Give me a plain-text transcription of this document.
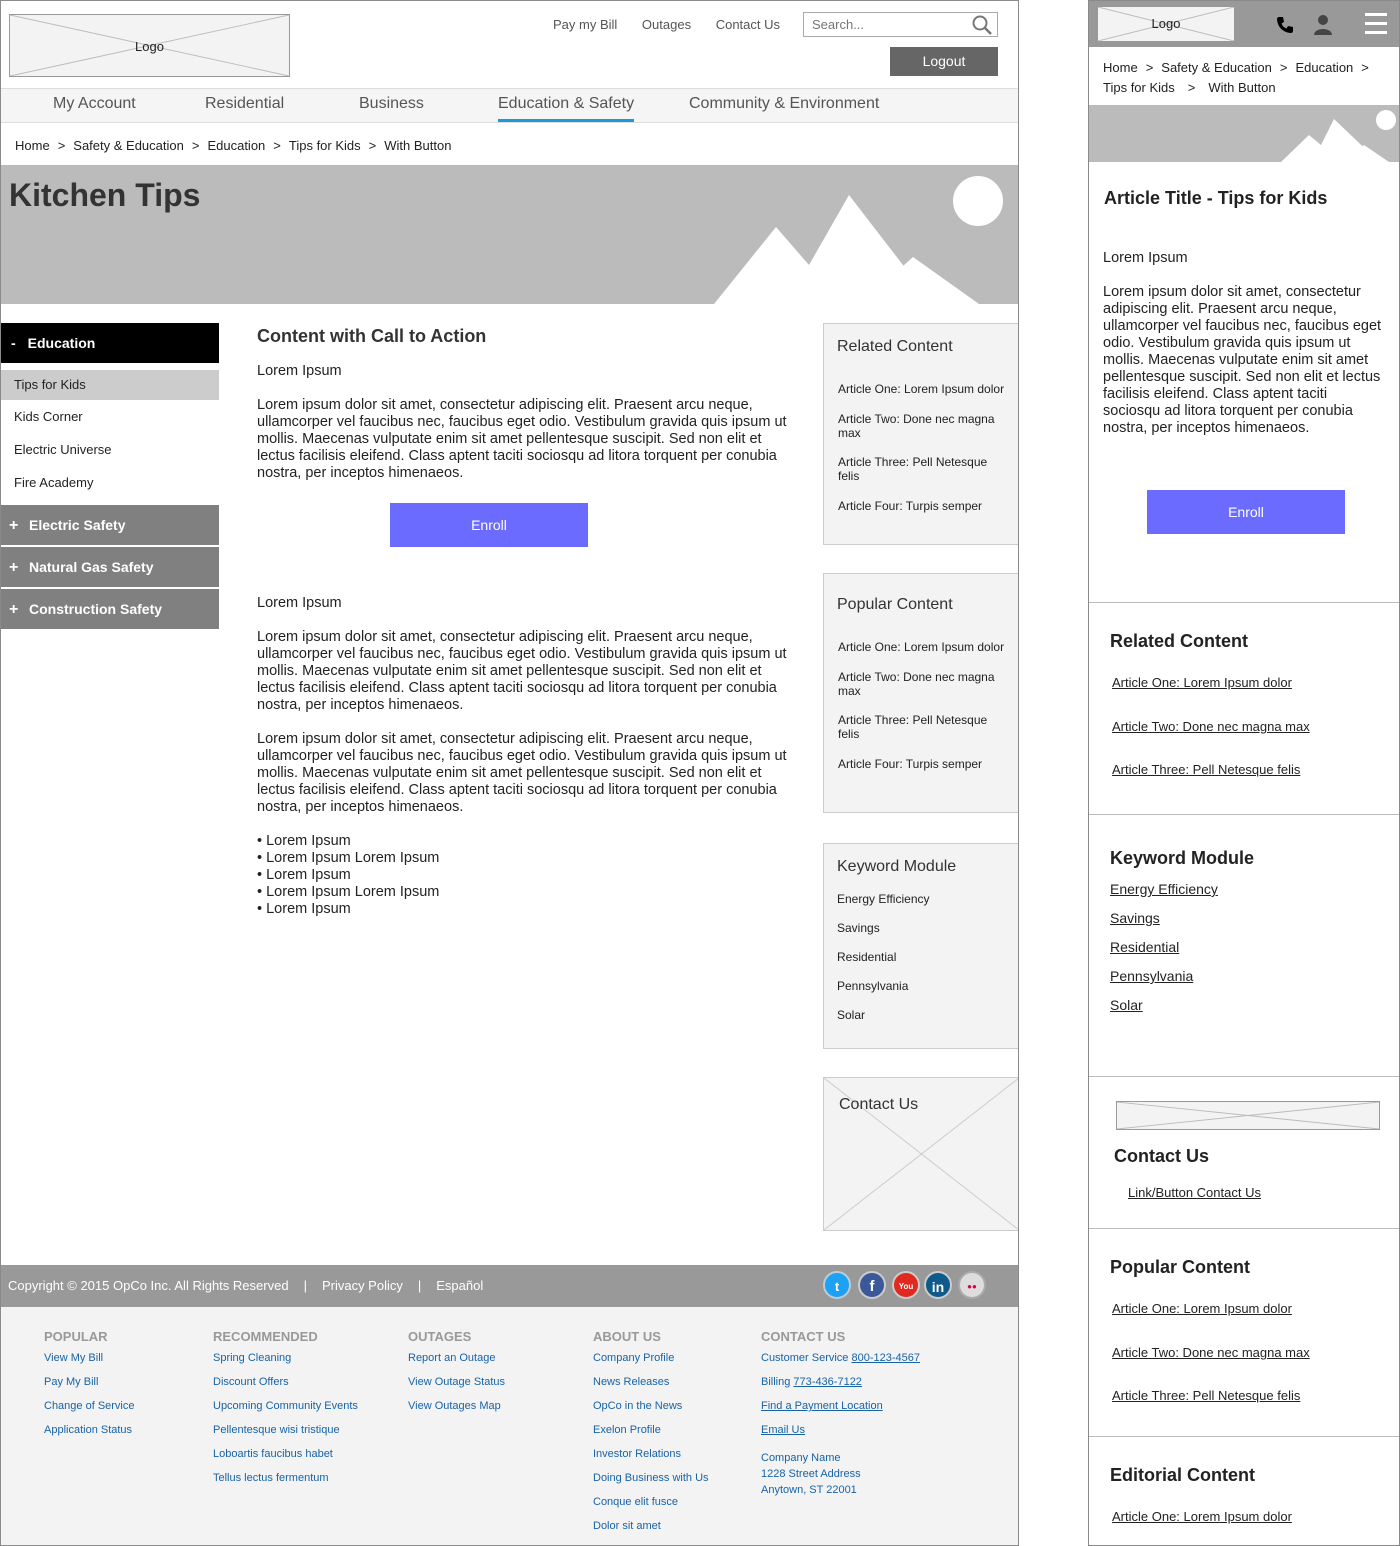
Logo
Pay my Bill Outages Contact Us
Search...
Logout
My Account	Residential	Business	Education & Safety	Community & Environment
Home > Safety & Education > Education > Tips for Kids > With Button
Kitchen Tips
- Education
Tips for Kids
Kids Corner
Electric Universe
Fire Academy
+ Electric Safety
+ Natural Gas Safety
+ Construction Safety
Content with Call to Action

Lorem Ipsum

Lorem ipsum dolor sit amet, consectetur adipiscing elit. Praesent arcu neque, ullamcorper vel faucibus nec, faucibus eget odio. Vestibulum gravida quis ipsum ut mollis. Maecenas vulputate enim sit amet pellentesque suscipit. Sed non elit et lectus facilisis eleifend. Class aptent taciti sociosqu ad litora torquent per conubia nostra, per inceptos himenaeos.

Enroll

Lorem Ipsum

Lorem ipsum dolor sit amet, consectetur adipiscing elit. Praesent arcu neque, ullamcorper vel faucibus nec, faucibus eget odio. Vestibulum gravida quis ipsum ut mollis. Maecenas vulputate enim sit amet pellentesque suscipit. Sed non elit et lectus facilisis eleifend. Class aptent taciti sociosqu ad litora torquent per conubia nostra, per inceptos himenaeos.

Lorem ipsum dolor sit amet, consectetur adipiscing elit. Praesent arcu neque, ullamcorper vel faucibus nec, faucibus eget odio. Vestibulum gravida quis ipsum ut mollis. Maecenas vulputate enim sit amet pellentesque suscipit. Sed non elit et lectus facilisis eleifend. Class aptent taciti sociosqu ad litora torquent per conubia nostra, per inceptos himenaeos.

• Lorem Ipsum
• Lorem Ipsum Lorem Ipsum
• Lorem Ipsum
• Lorem Ipsum Lorem Ipsum
• Lorem Ipsum
Related Content
Article One: Lorem Ipsum dolor
Article Two: Done nec magna max
Article Three: Pell Netesque felis
Article Four: Turpis semper
Popular Content
Article One: Lorem Ipsum dolor
Article Two: Done nec magna max
Article Three: Pell Netesque felis
Article Four: Turpis semper
Keyword Module
Energy Efficiency
Savings
Residential
Pennsylvania
Solar
Contact Us
Copyright © 2015 OpCo Inc. All Rights Reserved | Privacy Policy | Español	t	f	You	in	●●
POPULAR
View My Bill
Pay My Bill
Change of Service
Application Status
RECOMMENDED
Spring Cleaning
Discount Offers
Upcoming Community Events
Pellentesque wisi tristique
Loboartis faucibus habet
Tellus lectus fermentum
OUTAGES
Report an Outage
View Outage Status
View Outages Map
ABOUT US
Company Profile
News Releases
OpCo in the News
Exelon Profile
Investor Relations
Doing Business with Us
Conque elit fusce
Dolor sit amet
CONTACT US
Customer Service 800-123-4567
Billing 773-436-7122
Find a Payment Location
Email Us
Company Name
1228 Street Address
Anytown, ST 22001
Logo
Home > Safety & Education > Education >
Tips for Kids > With Button
Article Title - Tips for Kids
Lorem Ipsum
Lorem ipsum dolor sit amet, consectetur adipiscing elit. Praesent arcu neque, ullamcorper vel faucibus nec, faucibus eget odio. Vestibulum gravida quis ipsum ut mollis. Maecenas vulputate enim sit amet pellentesque suscipit. Sed non elit et lectus facilisis eleifend. Class aptent taciti sociosqu ad litora torquent per conubia nostra, per inceptos himenaeos.
Enroll
Related Content
Article One: Lorem Ipsum dolor
Article Two: Done nec magna max
Article Three: Pell Netesque felis
Keyword Module
Energy Efficiency
Savings
Residential
Pennsylvania
Solar
Contact Us
Link/Button Contact Us
Popular Content
Article One: Lorem Ipsum dolor
Article Two: Done nec magna max
Article Three: Pell Netesque felis
Editorial Content
Article One: Lorem Ipsum dolor
